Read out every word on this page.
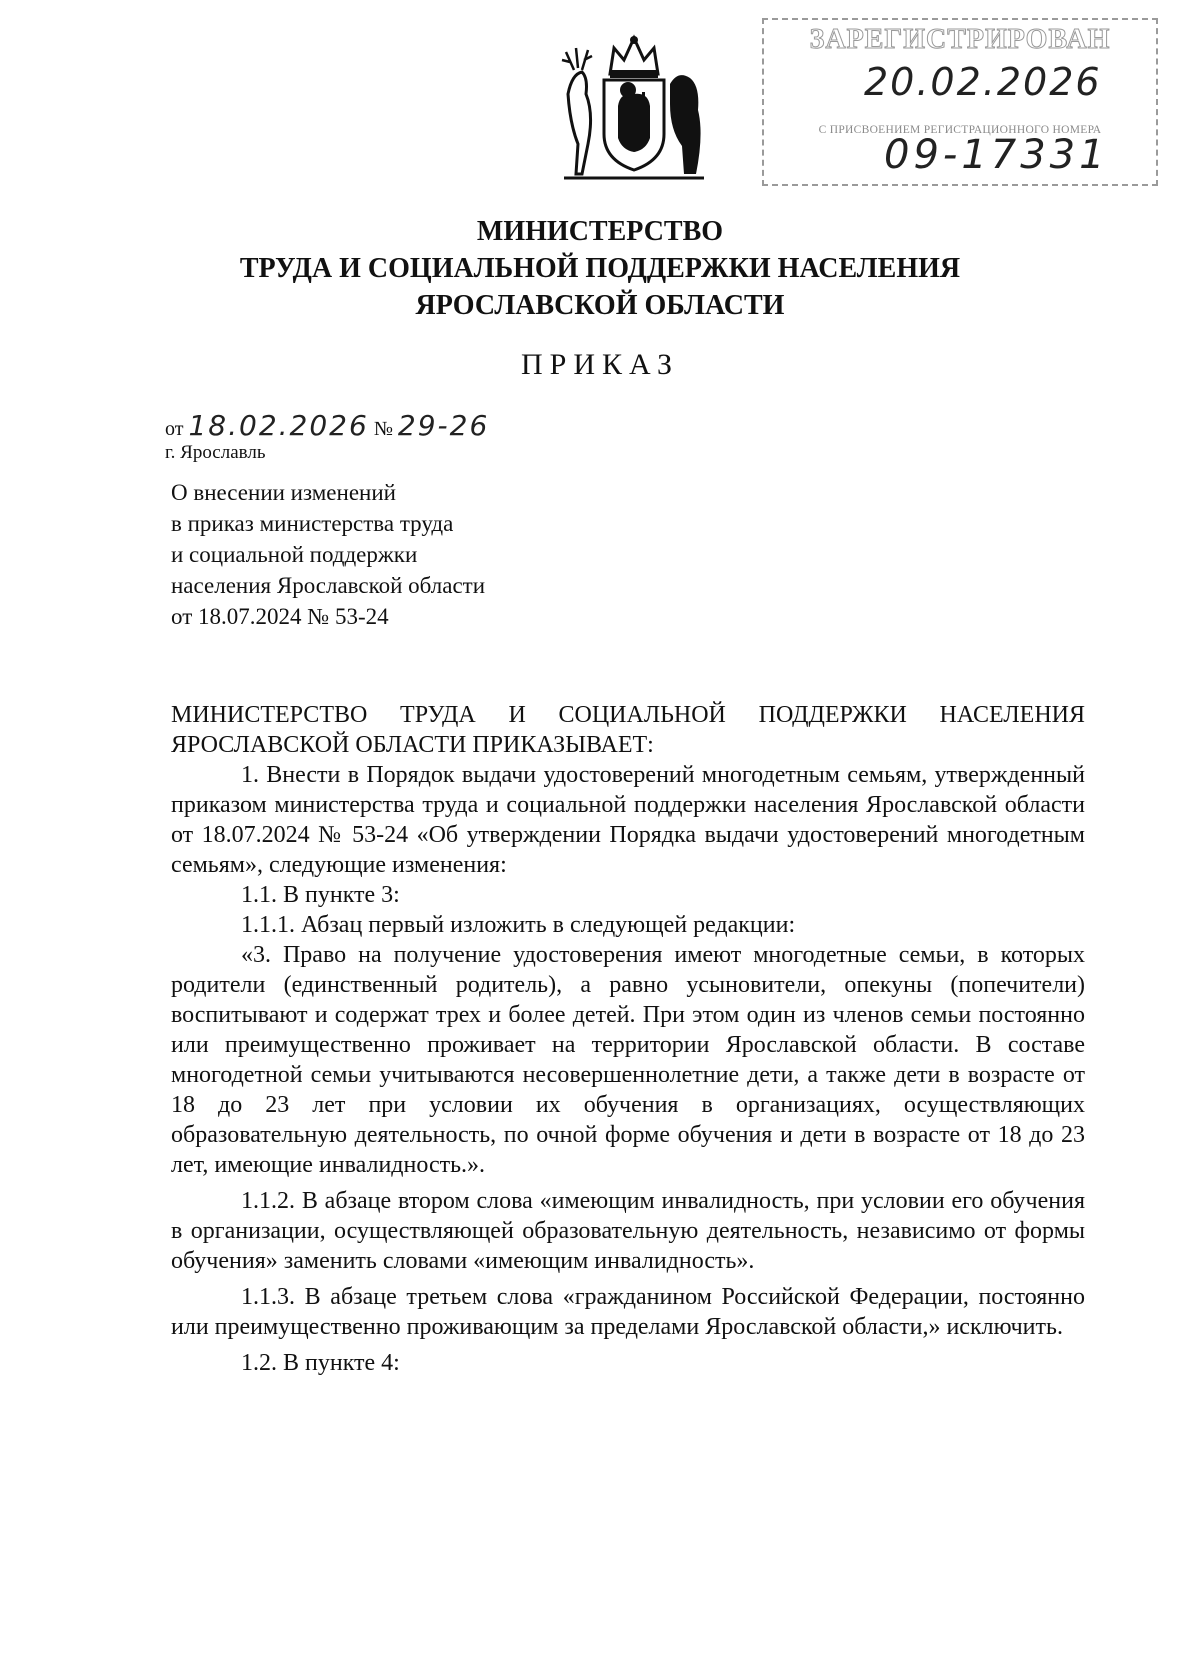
ЗАРЕГИСТРИРОВАН
20.02.2026
С ПРИСВОЕНИЕМ РЕГИСТРАЦИОННОГО НОМЕРА
09-17331
МИНИСТЕРСТВО
ТРУДА И СОЦИАЛЬНОЙ ПОДДЕРЖКИ НАСЕЛЕНИЯ
ЯРОСЛАВСКОЙ ОБЛАСТИ
ПРИКАЗ
от 18.02.2026 № 29-26
г. Ярославль
О внесении изменений
в приказ министерства труда
и социальной поддержки
населения Ярославской области
от 18.07.2024 № 53-24

МИНИСТЕРСТВО ТРУДА И СОЦИАЛЬНОЙ ПОДДЕРЖКИ НАСЕЛЕНИЯ ЯРОСЛАВСКОЙ ОБЛАСТИ ПРИКАЗЫВАЕТ:

1. Внести в Порядок выдачи удостоверений многодетным семьям, утвержденный приказом министерства труда и социальной поддержки населения Ярославской области от 18.07.2024 № 53-24 «Об утверждении Порядка выдачи удостоверений многодетным семьям», следующие изменения:

1.1. В пункте 3:

1.1.1. Абзац первый изложить в следующей редакции:

«3. Право на получение удостоверения имеют многодетные семьи, в которых родители (единственный родитель), а равно усыновители, опекуны (попечители) воспитывают и содержат трех и более детей. При этом один из членов семьи постоянно или преимущественно проживает на территории Ярославской области. В составе многодетной семьи учитываются несовершеннолетние дети, а также дети в возрасте от 18 до 23 лет при условии их обучения в организациях, осуществляющих образовательную деятельность, по очной форме обучения и дети в возрасте от 18 до 23 лет, имеющие инвалидность.».

1.1.2. В абзаце втором слова «имеющим инвалидность, при условии его обучения в организации, осуществляющей образовательную деятельность, независимо от формы обучения» заменить словами «имеющим инвалидность».

1.1.3. В абзаце третьем слова «гражданином Российской Федерации, постоянно или преимущественно проживающим за пределами Ярославской области,» исключить.

1.2. В пункте 4:
